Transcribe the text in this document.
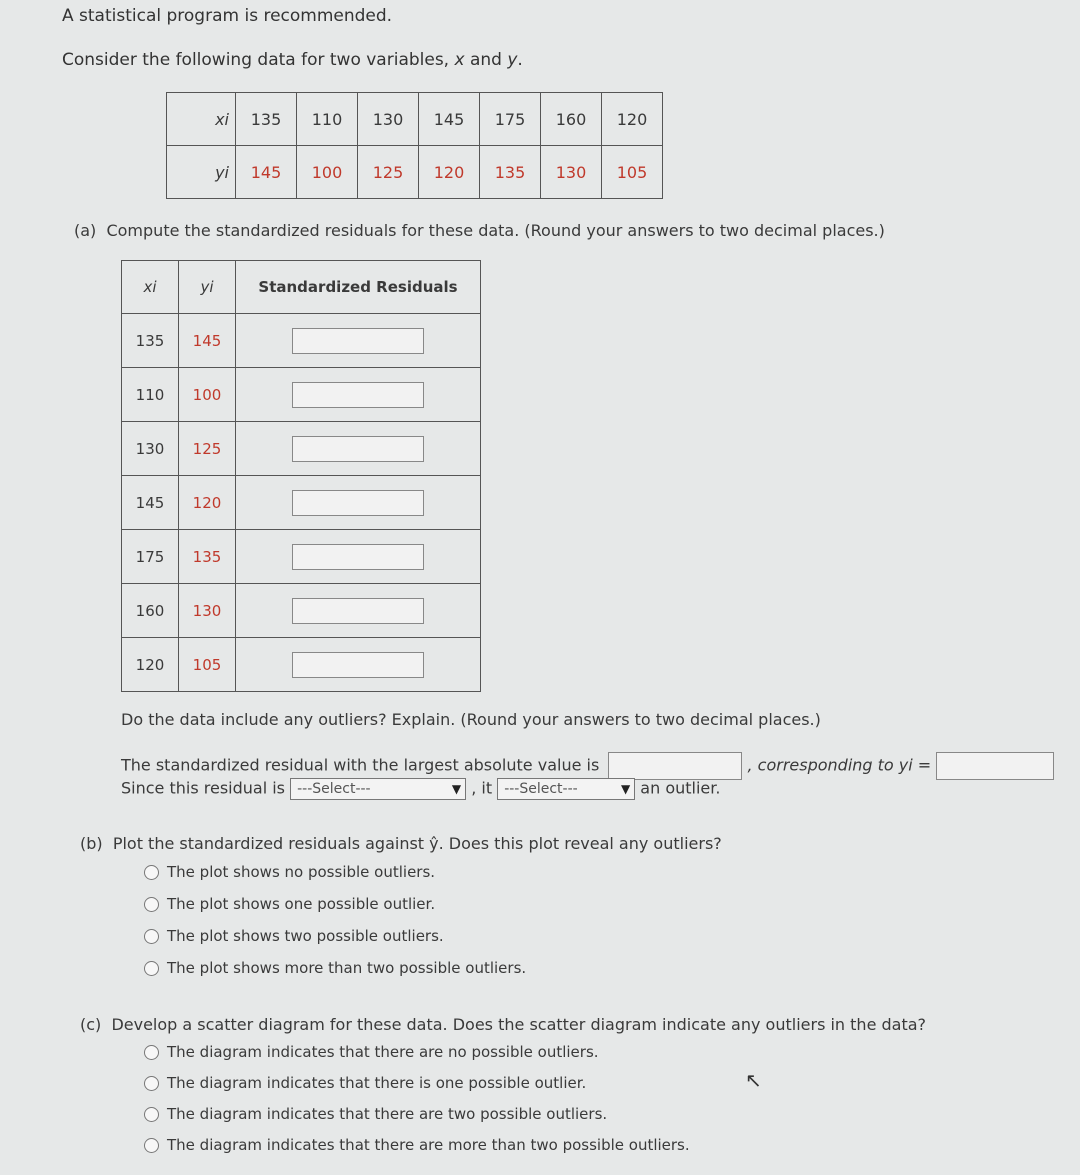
A statistical program is recommended.
Consider the following data for two variables, x and y.
xi	135	110	130	145	175	160	120
yi	145	100	125	120	135	130	105
(a) Compute the standardized residuals for these data. (Round your answers to two decimal places.)
xi	yi	Standardized Residuals
135	145	
110	100	
130	125	
145	120	
175	135	
160	130	
120	105	
Do the data include any outliers? Explain. (Round your answers to two decimal places.)
The standardized residual with the largest absolute value is	, corresponding to yi =
Since this residual is ---Select---	▼ , it ---Select---	▼ an outlier.
(b) Plot the standardized residuals against ŷ. Does this plot reveal any outliers?
The plot shows no possible outliers.
The plot shows one possible outlier.
The plot shows two possible outliers.
The plot shows more than two possible outliers.
(c) Develop a scatter diagram for these data. Does the scatter diagram indicate any outliers in the data?
The diagram indicates that there are no possible outliers.
The diagram indicates that there is one possible outlier.
The diagram indicates that there are two possible outliers.
The diagram indicates that there are more than two possible outliers.
↖
